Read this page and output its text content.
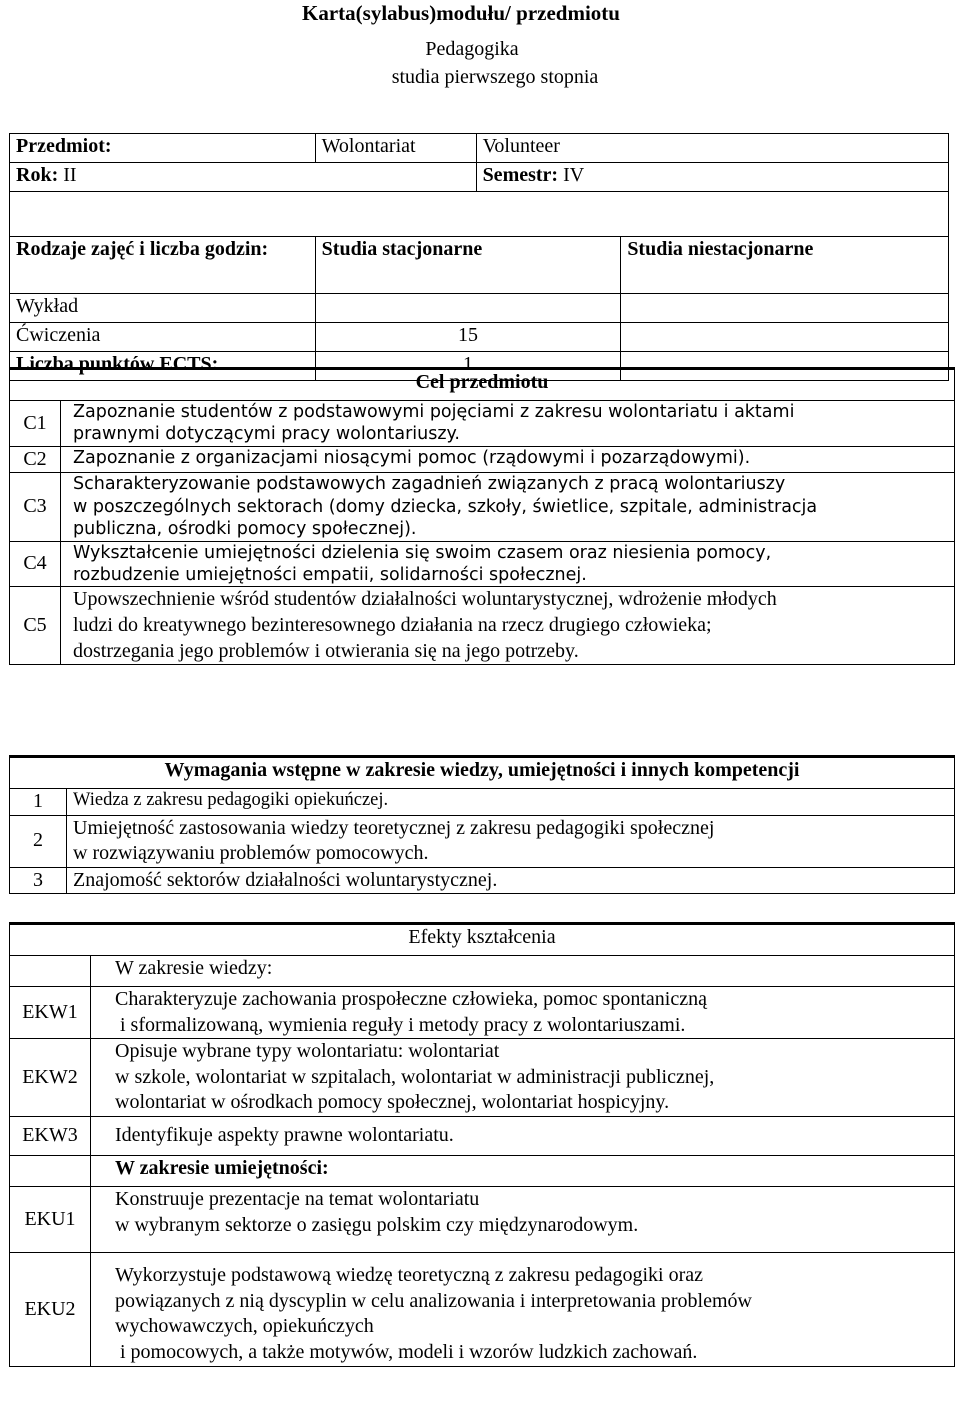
Karta(sylabus)modułu/ przedmiotu
Pedagogika
studia pierwszego stopnia
Przedmiot:	Wolontariat	Volunteer	
Rok: II		Semestr: IV	

Rodzaje zajęć i liczba godzin:	Studia stacjonarne		Studia niestacjonarne
Wykład			
Ćwiczenia	15		
Liczba punktów ECTS:	1		
Cel przedmiotu	
C1	Zapoznanie studentów z podstawowymi pojęciami z zakresu wolontariatu i aktami
prawnymi dotyczącymi pracy wolontariuszy.

C2	Zapoznanie z organizacjami niosącymi pomoc (rządowymi i pozarządowymi).

C3	Scharakteryzowanie podstawowych zagadnień związanych z pracą wolontariuszy
w poszczególnych sektorach (domy dziecka, szkoły, świetlice, szpitale, administracja
publiczna, ośrodki pomocy społecznej).

C4	Wykształcenie umiejętności dzielenia się swoim czasem oraz niesienia pomocy,
rozbudzenie umiejętności empatii, solidarności społecznej.

C5	Upowszechnienie wśród studentów działalności woluntarystycznej, wdrożenie młodych
ludzi do kreatywnego bezinteresownego działania na rzecz drugiego człowieka;
dostrzegania jego problemów i otwierania się na jego potrzeby.
Wymagania wstępne w zakresie wiedzy, umiejętności i innych kompetencji	
1	Wiedza z zakresu pedagogiki opiekuńczej.

2	Umiejętność zastosowania wiedzy teoretycznej z zakresu pedagogiki społecznej
w rozwiązywaniu problemów pomocowych.

3	Znajomość sektorów działalności woluntarystycznej.
Efekty kształcenia	
	W zakresie wiedzy:
EKW1	Charakteryzuje zachowania prospołeczne człowieka, pomoc spontaniczną
i sformalizowaną, wymienia reguły i metody pracy z wolontariuszami.

EKW2	Opisuje wybrane typy wolontariatu: wolontariat
w szkole, wolontariat w szpitalach, wolontariat w administracji publicznej,
wolontariat w ośrodkach pomocy społecznej, wolontariat hospicyjny.

EKW3	Identyfikuje aspekty prawne wolontariatu.

	W zakresie umiejętności:
EKU1	Konstruuje prezentacje na temat wolontariatu
w wybranym sektorze o zasięgu polskim czy międzynarodowym.

EKU2	Wykorzystuje podstawową wiedzę teoretyczną z zakresu pedagogiki oraz
powiązanych z nią dyscyplin w celu analizowania i interpretowania problemów
wychowawczych, opiekuńczych
i pomocowych, a także motywów, modeli i wzorów ludzkich zachowań.
